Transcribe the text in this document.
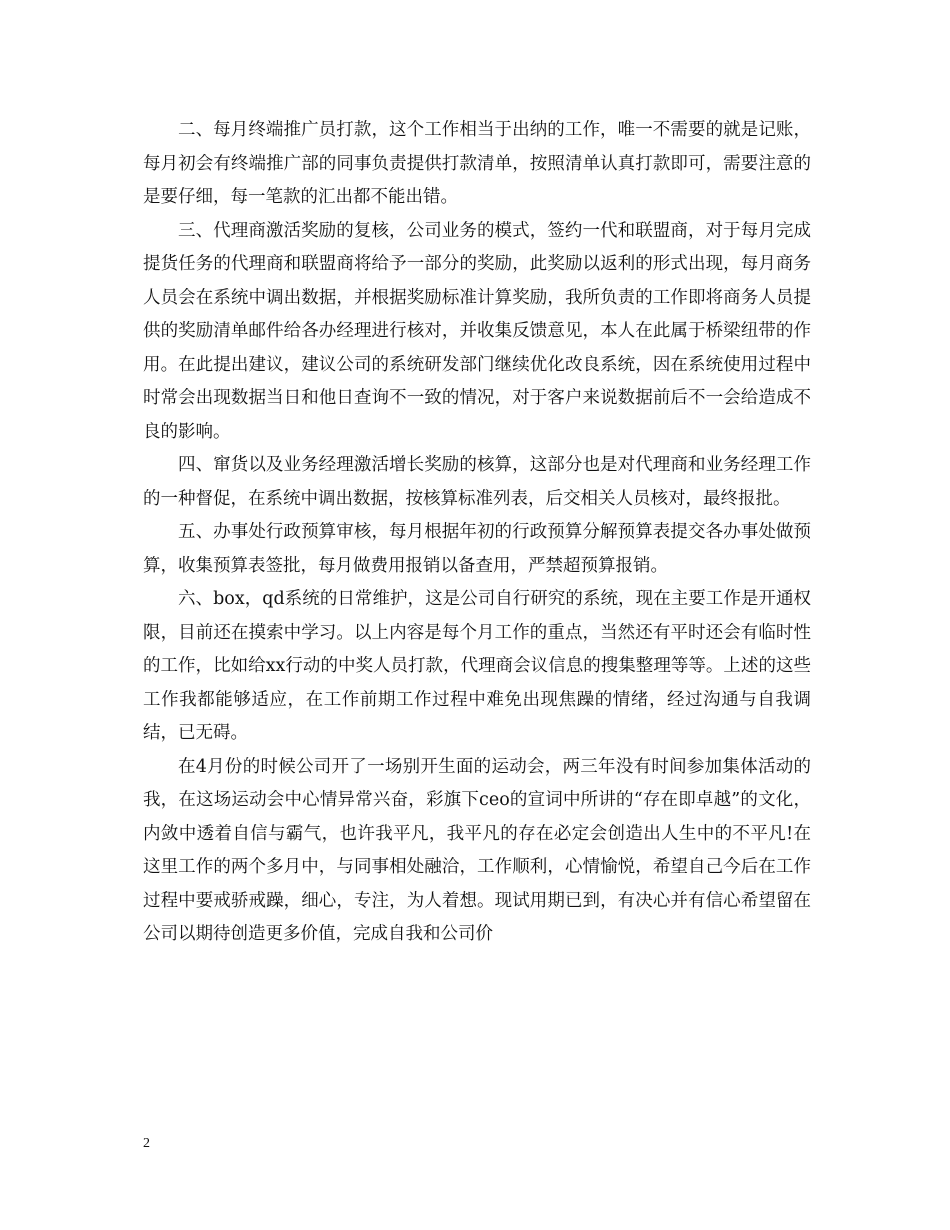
二、每月终端推广员打款，这个工作相当于出纳的工作，唯一不需要的就是记账，每月初会有终端推广部的同事负责提供打款清单，按照清单认真打款即可，需要注意的是要仔细，每一笔款的汇出都不能出错。

三、代理商激活奖励的复核，公司业务的模式，签约一代和联盟商，对于每月完成提货任务的代理商和联盟商将给予一部分的奖励，此奖励以返利的形式出现，每月商务人员会在系统中调出数据，并根据奖励标准计算奖励，我所负责的工作即将商务人员提供的奖励清单邮件给各办经理进行核对，并收集反馈意见，本人在此属于桥梁纽带的作用。在此提出建议，建议公司的系统研发部门继续优化改良系统，因在系统使用过程中时常会出现数据当日和他日查询不一致的情况，对于客户来说数据前后不一会给造成不良的影响。

四、窜货以及业务经理激活增长奖励的核算，这部分也是对代理商和业务经理工作的一种督促，在系统中调出数据，按核算标准列表，后交相关人员核对，最终报批。

五、办事处行政预算审核，每月根据年初的行政预算分解预算表提交各办事处做预算，收集预算表签批，每月做费用报销以备查用，严禁超预算报销。

六、box，qd系统的日常维护，这是公司自行研究的系统，现在主要工作是开通权限，目前还在摸索中学习。以上内容是每个月工作的重点，当然还有平时还会有临时性的工作，比如给xx行动的中奖人员打款，代理商会议信息的搜集整理等等。上述的这些工作我都能够适应，在工作前期工作过程中难免出现焦躁的情绪，经过沟通与自我调结，已无碍。

在4月份的时候公司开了一场别开生面的运动会，两三年没有时间参加集体活动的我，在这场运动会中心情异常兴奋，彩旗下ceo的宣词中所讲的“存在即卓越”的文化，内敛中透着自信与霸气，也许我平凡，我平凡的存在必定会创造出人生中的不平凡!在这里工作的两个多月中，与同事相处融洽，工作顺利，心情愉悦，希望自己今后在工作过程中要戒骄戒躁，细心，专注，为人着想。现试用期已到，有决心并有信心希望留在公司以期待创造更多价值，完成自我和公司价

2
